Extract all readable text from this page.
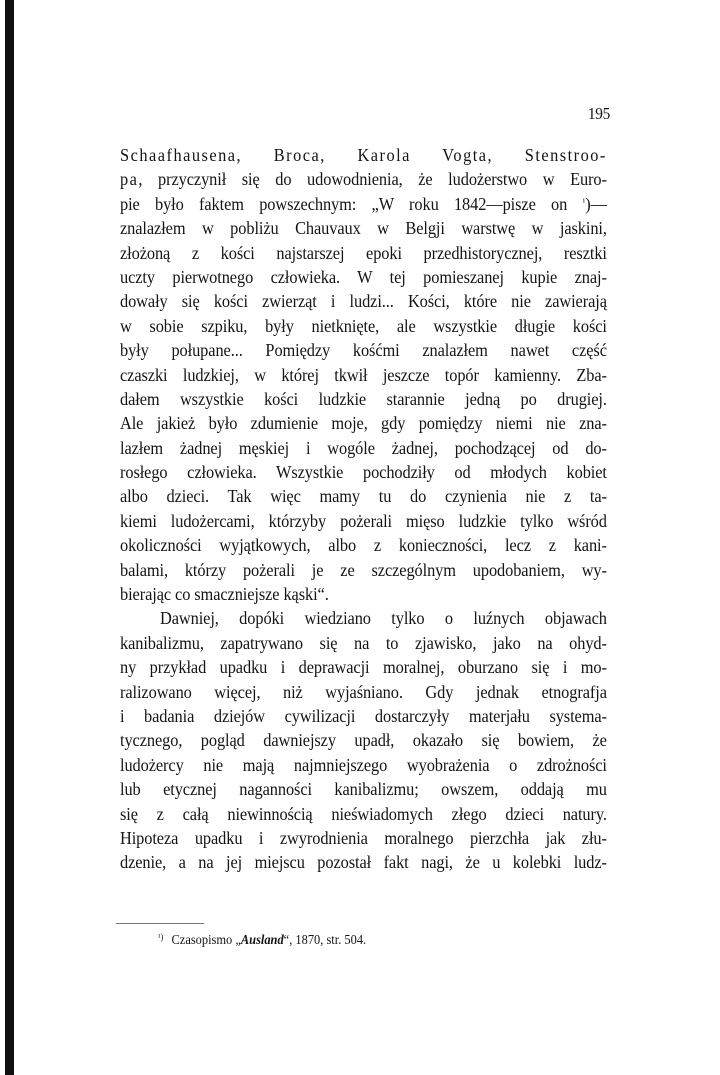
195
Schaafhausena, Broca, Karola Vogta, Stenstroo-
pa, przyczynił się do udowodnienia, że ludożerstwo w Euro-
pie było faktem powszechnym: „W roku 1842—pisze on $^{^1}$)—
znalazłem w pobliżu Chauvaux w Belgji warstwę w jaskini,
złożoną z kości najstarszej epoki przedhistorycznej, resztki
uczty pierwotnego człowieka. W tej pomieszanej kupie znaj-
dowały się kości zwierząt i ludzi... Kości, które nie zawierają
w sobie szpiku, były nietknięte, ale wszystkie długie kości
były połupane... Pomiędzy kośćmi znalazłem nawet część
czaszki ludzkiej, w której tkwił jeszcze topór kamienny. Zba-
dałem wszystkie kości ludzkie starannie jedną po drugiej.
Ale jakież było zdumienie moje, gdy pomiędzy niemi nie zna-
lazłem żadnej męskiej i wogóle żadnej, pochodzącej od do-
rosłego człowieka. Wszystkie pochodziły od młodych kobiet
albo dzieci. Tak więc mamy tu do czynienia nie z ta-
kiemi ludożercami, którzyby pożerali mięso ludzkie tylko wśród
okoliczności wyjątkowych, albo z konieczności, lecz z kani-
balami, którzy pożerali je ze szczególnym upodobaniem, wy-
bierając co smaczniejsze kąski“.
Dawniej, dopóki wiedziano tylko o luźnych objawach
kanibalizmu, zapatrywano się na to zjawisko, jako na ohyd-
ny przykład upadku i deprawacji moralnej, oburzano się i mo-
ralizowano więcej, niż wyjaśniano. Gdy jednak etnografja
i badania dziejów cywilizacji dostarczyły materjału systema-
tycznego, pogląd dawniejszy upadł, okazało się bowiem, że
ludożercy nie mają najmniejszego wyobrażenia o zdrożności
lub etycznej naganności kanibalizmu; owszem, oddają mu
się z całą niewinnością nieświadomych złego dzieci natury.
Hipoteza upadku i zwyrodnienia moralnego pierzchła jak złu-
dzenie, a na jej miejscu pozostał fakt nagi, że u kolebki ludz-
$^{^1)}$ Czasopismo „Ausland“, 1870, str. 504.
